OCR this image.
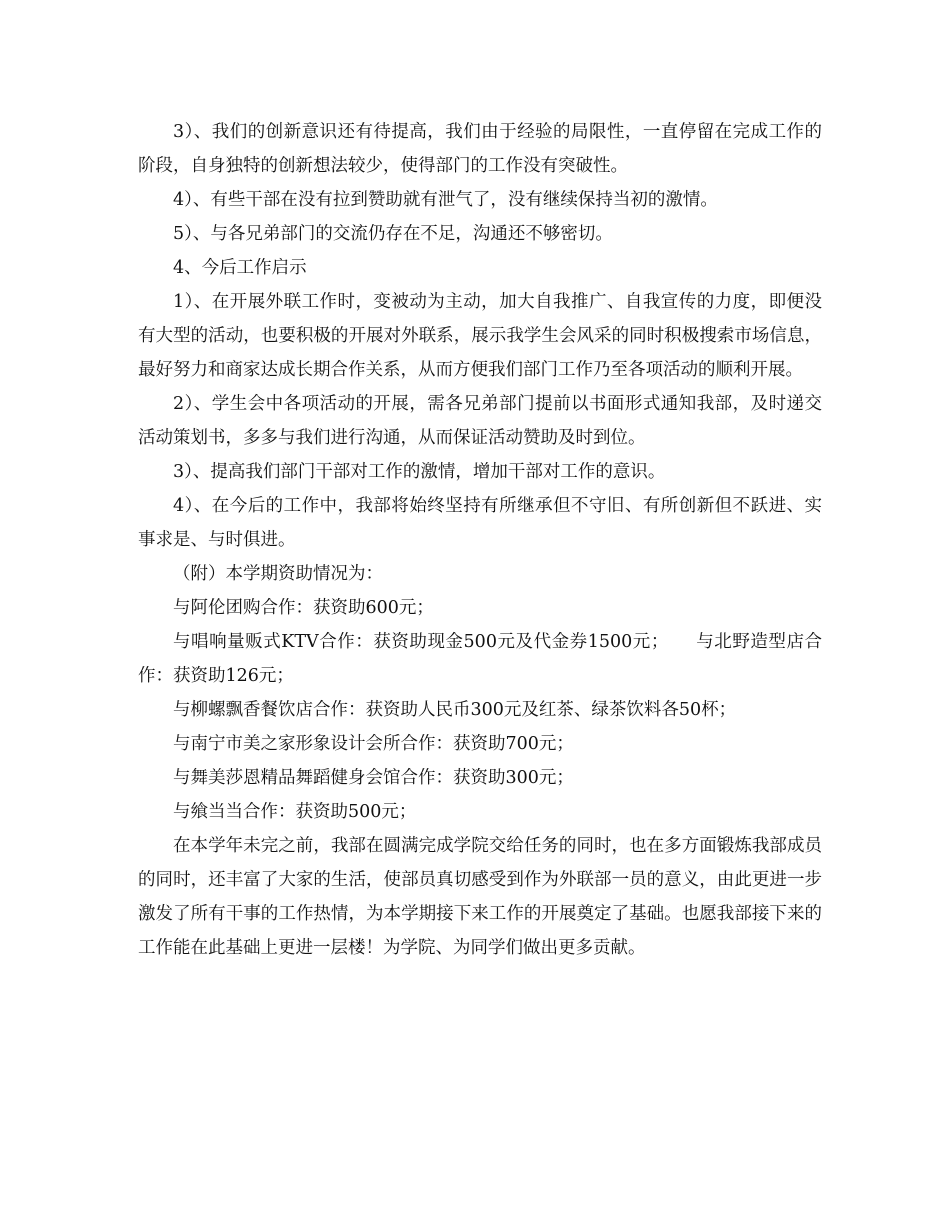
3）、我们的创新意识还有待提高，我们由于经验的局限性，一直停留在完成工作的阶段，自身独特的创新想法较少，使得部门的工作没有突破性。

4）、有些干部在没有拉到赞助就有泄气了，没有继续保持当初的激情。

5）、与各兄弟部门的交流仍存在不足，沟通还不够密切。

4、今后工作启示

1）、在开展外联工作时，变被动为主动，加大自我推广、自我宣传的力度，即便没有大型的活动，也要积极的开展对外联系，展示我学生会风采的同时积极搜索市场信息，最好努力和商家达成长期合作关系，从而方便我们部门工作乃至各项活动的顺利开展。

2）、学生会中各项活动的开展，需各兄弟部门提前以书面形式通知我部，及时递交活动策划书，多多与我们进行沟通，从而保证活动赞助及时到位。

3）、提高我们部门干部对工作的激情，增加干部对工作的意识。

4）、在今后的工作中，我部将始终坚持有所继承但不守旧、有所创新但不跃进、实事求是、与时俱进。

（附）本学期资助情况为：

与阿伦团购合作：获资助600元；

与唱响量贩式KTV合作：获资助现金500元及代金券1500元；　　与北野造型店合作：获资助126元；

与柳螺飘香餐饮店合作：获资助人民币300元及红茶、绿茶饮料各50杯；

与南宁市美之家形象设计会所合作：获资助700元；

与舞美莎恩精品舞蹈健身会馆合作：获资助300元；

与飨当当合作：获资助500元；

在本学年未完之前，我部在圆满完成学院交给任务的同时，也在多方面锻炼我部成员的同时，还丰富了大家的生活，使部员真切感受到作为外联部一员的意义，由此更进一步激发了所有干事的工作热情，为本学期接下来工作的开展奠定了基础。也愿我部接下来的工作能在此基础上更进一层楼！为学院、为同学们做出更多贡献。
